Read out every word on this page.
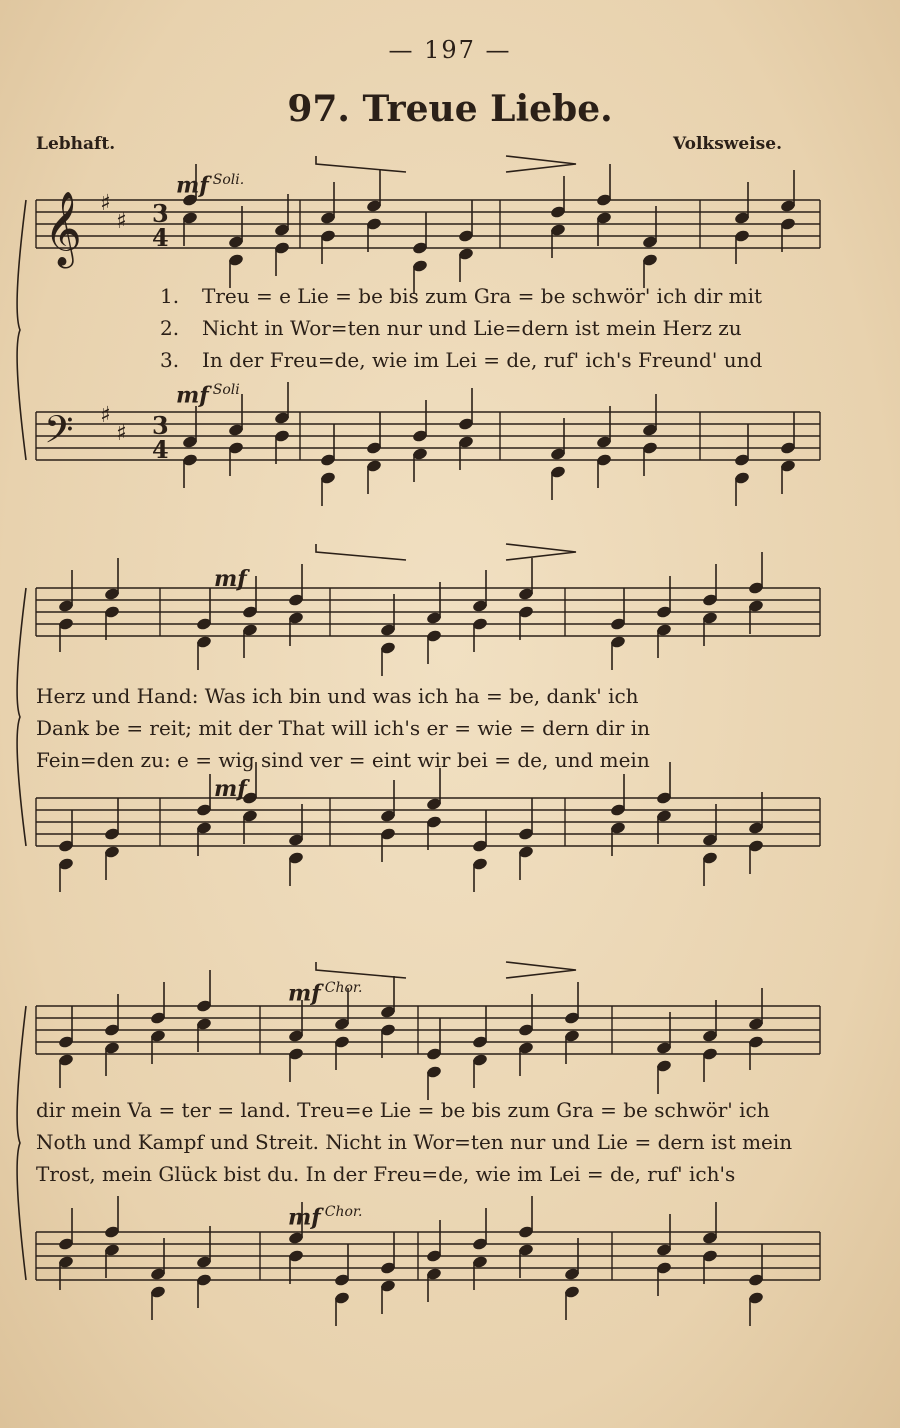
— 197 —
97. Treue Liebe.
Lebhaft.	Volksweise.
𝄞
𝄢
3
4
♯
♯
3
4
♯
♯
mf $^{Soli.}$
mf $^{Soli}$
mf
mf
mf $^{Chor.}$
mf $^{Chor.}$
1. Treu = e Lie = be bis zum Gra = be schwör' ich dir mit
2. Nicht in Wor=ten nur und Lie=dern ist mein Herz zu
3. In der Freu=de, wie im Lei = de, ruf' ich's Freund' und
Herz und Hand: Was ich bin und was ich ha = be, dank' ich
Dank be = reit; mit der That will ich's er = wie = dern dir in
Fein=den zu: e = wig sind ver = eint wir bei = de, und mein
dir mein Va = ter = land. Treu=e Lie = be bis zum Gra = be schwör' ich
Noth und Kampf und Streit. Nicht in Wor=ten nur und Lie = dern ist mein
Trost, mein Glück bist du. In der Freu=de, wie im Lei = de, ruf' ich's
